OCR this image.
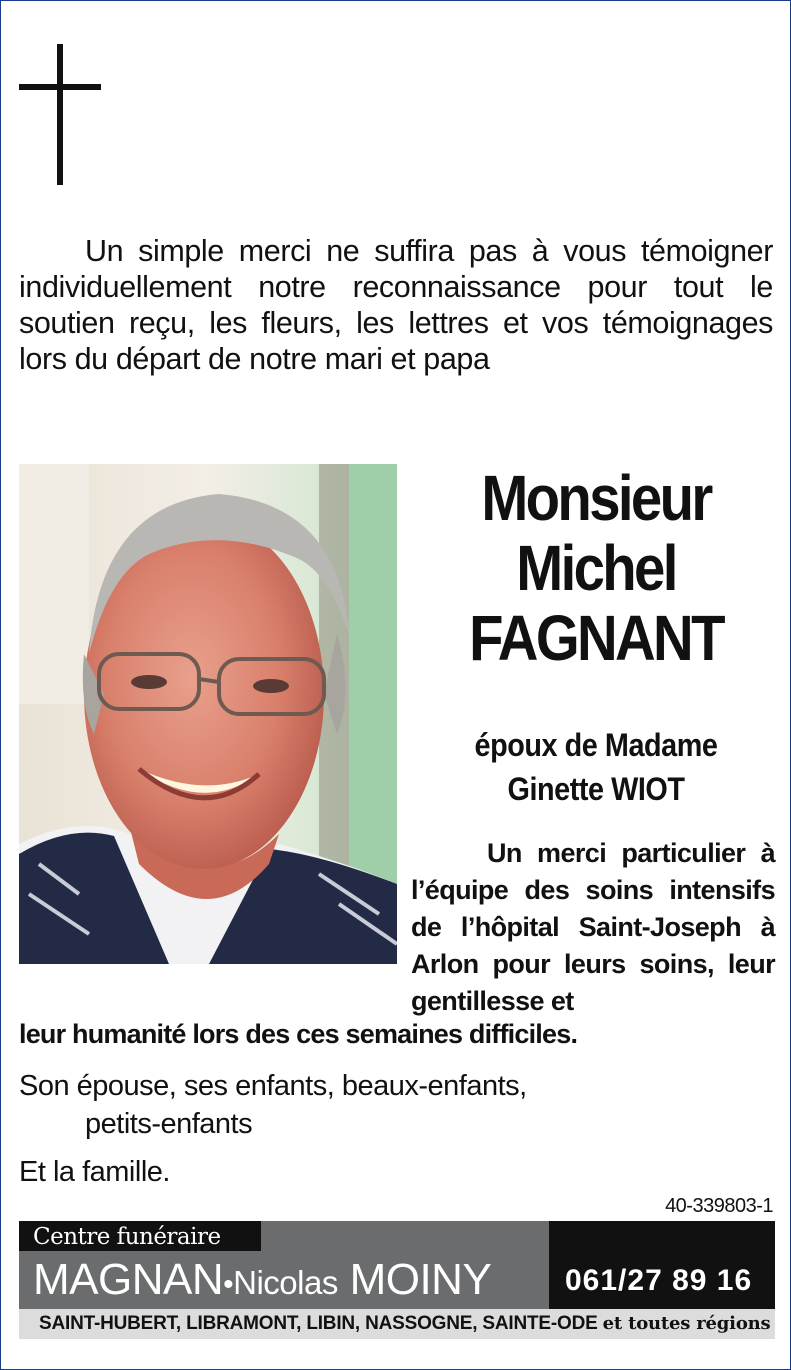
Un simple merci ne suffira pas à vous témoigner individuellement notre reconnaissance pour tout le soutien reçu, les fleurs, les lettres et vos témoignages lors du départ de notre mari et papa
Monsieur
Michel
FAGNANT
époux de Madame
Ginette WIOT
Un merci particulier à l’équipe des soins intensifs de l’hôpital Saint-Joseph à Arlon pour leurs soins, leur gentillesse et
leur humanité lors des ces semaines difficiles.
Son épouse, ses enfants, beaux-enfants,
petits-enfants
Et la famille.
40-339803-1
Centre funéraire
MAGNAN•Nicolas MOINY 061/27 89 16
SAINT-HUBERT, LIBRAMONT, LIBIN, NASSOGNE, SAINTE-ODE et toutes régions
